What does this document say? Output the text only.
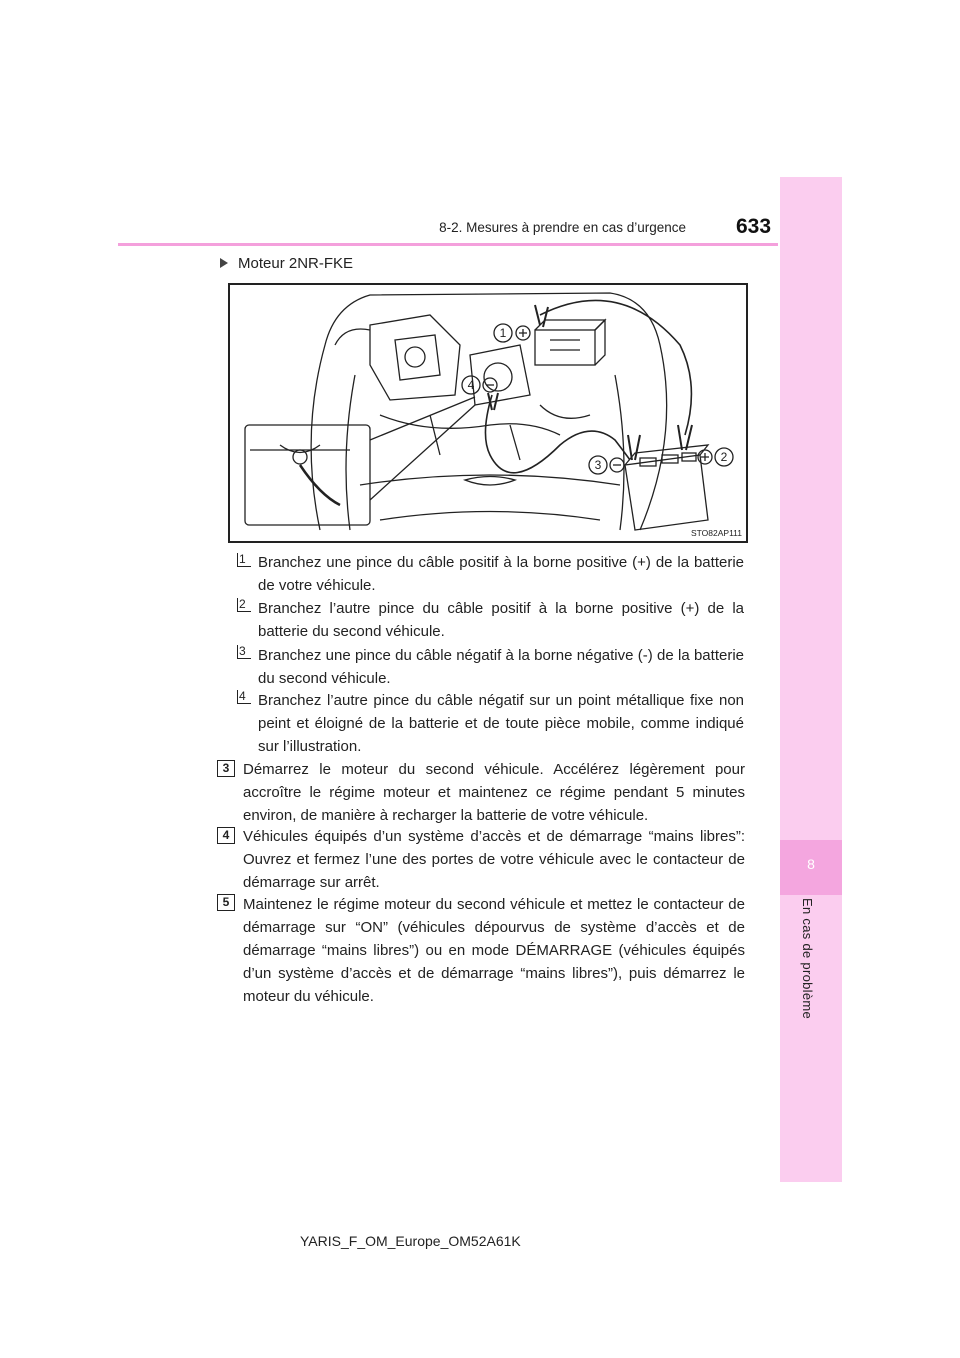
8-2. Mesures à prendre en cas d’urgence 633
8
En cas de problème
Moteur 2NR-FKE
1
2
3
4
STO82AP111
1 Branchez une pince du câble positif à la borne positive (+) de la batterie de votre véhicule.
2 Branchez l’autre pince du câble positif à la borne positive (+) de la batterie du second véhicule.
3 Branchez une pince du câble négatif à la borne négative (-) de la batterie du second véhicule.
4 Branchez l’autre pince du câble négatif sur un point métallique fixe non peint et éloigné de la batterie et de toute pièce mobile, comme indiqué sur l’illustration.
3 Démarrez le moteur du second véhicule. Accélérez légèrement pour accroître le régime moteur et maintenez ce régime pendant 5 minutes environ, de manière à recharger la batterie de votre véhicule.
4 Véhicules équipés d’un système d’accès et de démarrage “mains libres”: Ouvrez et fermez l’une des portes de votre véhicule avec le contacteur de démarrage sur arrêt.
5 Maintenez le régime moteur du second véhicule et mettez le contacteur de démarrage sur “ON” (véhicules dépourvus de système d’accès et de démarrage “mains libres”) ou en mode DÉMARRAGE (véhicules équipés d’un système d’accès et de démarrage “mains libres”), puis démarrez le moteur du véhicule.
YARIS_F_OM_Europe_OM52A61K
